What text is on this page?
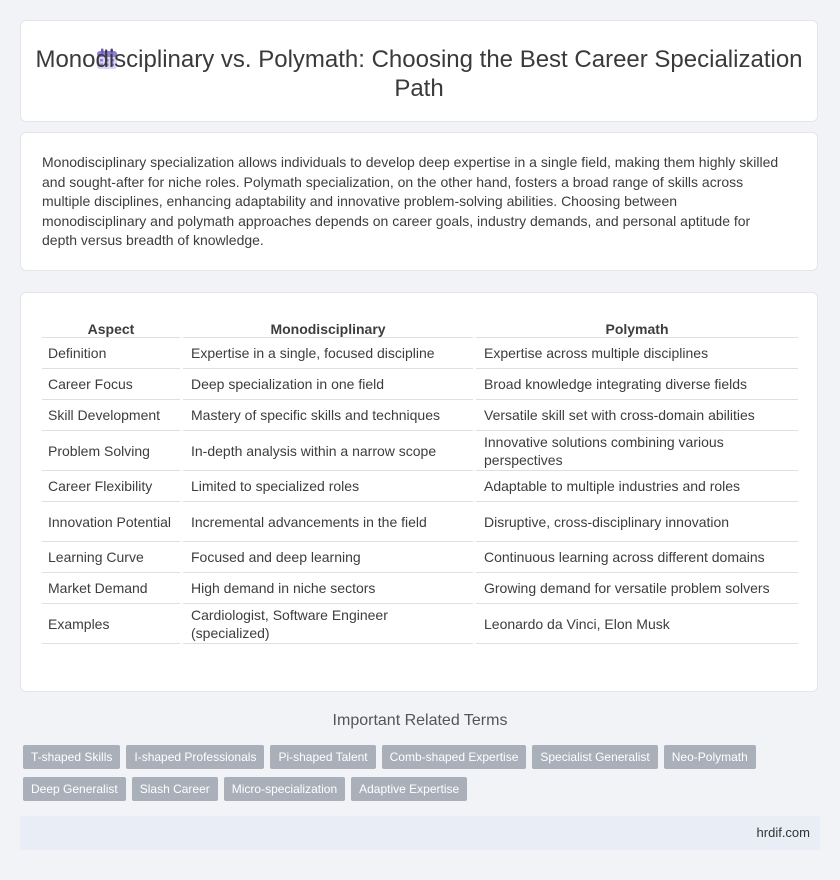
Monodisciplinary vs. Polymath: Choosing the Best Career Specialization Path
Monodisciplinary specialization allows individuals to develop deep expertise in a single field, making them highly skilled and sought-after for niche roles. Polymath specialization, on the other hand, fosters a broad range of skills across multiple disciplines, enhancing adaptability and innovative problem-solving abilities. Choosing between monodisciplinary and polymath approaches depends on career goals, industry demands, and personal aptitude for depth versus breadth of knowledge.
Aspect	Monodisciplinary	Polymath
Definition	Expertise in a single, focused discipline	Expertise across multiple disciplines
Career Focus	Deep specialization in one field	Broad knowledge integrating diverse fields
Skill Development	Mastery of specific skills and techniques	Versatile skill set with cross-domain abilities
Problem Solving	In-depth analysis within a narrow scope	Innovative solutions combining various perspectives
Career Flexibility	Limited to specialized roles	Adaptable to multiple industries and roles
Innovation Potential	Incremental advancements in the field	Disruptive, cross-disciplinary innovation
Learning Curve	Focused and deep learning	Continuous learning across different domains
Market Demand	High demand in niche sectors	Growing demand for versatile problem solvers
Examples	Cardiologist, Software Engineer (specialized)	Leonardo da Vinci, Elon Musk
Important Related Terms
T-shaped Skills I-shaped Professionals Pi-shaped Talent Comb-shaped Expertise Specialist Generalist Neo-Polymath
Deep Generalist Slash Career Micro-specialization Adaptive Expertise
hrdif.com
